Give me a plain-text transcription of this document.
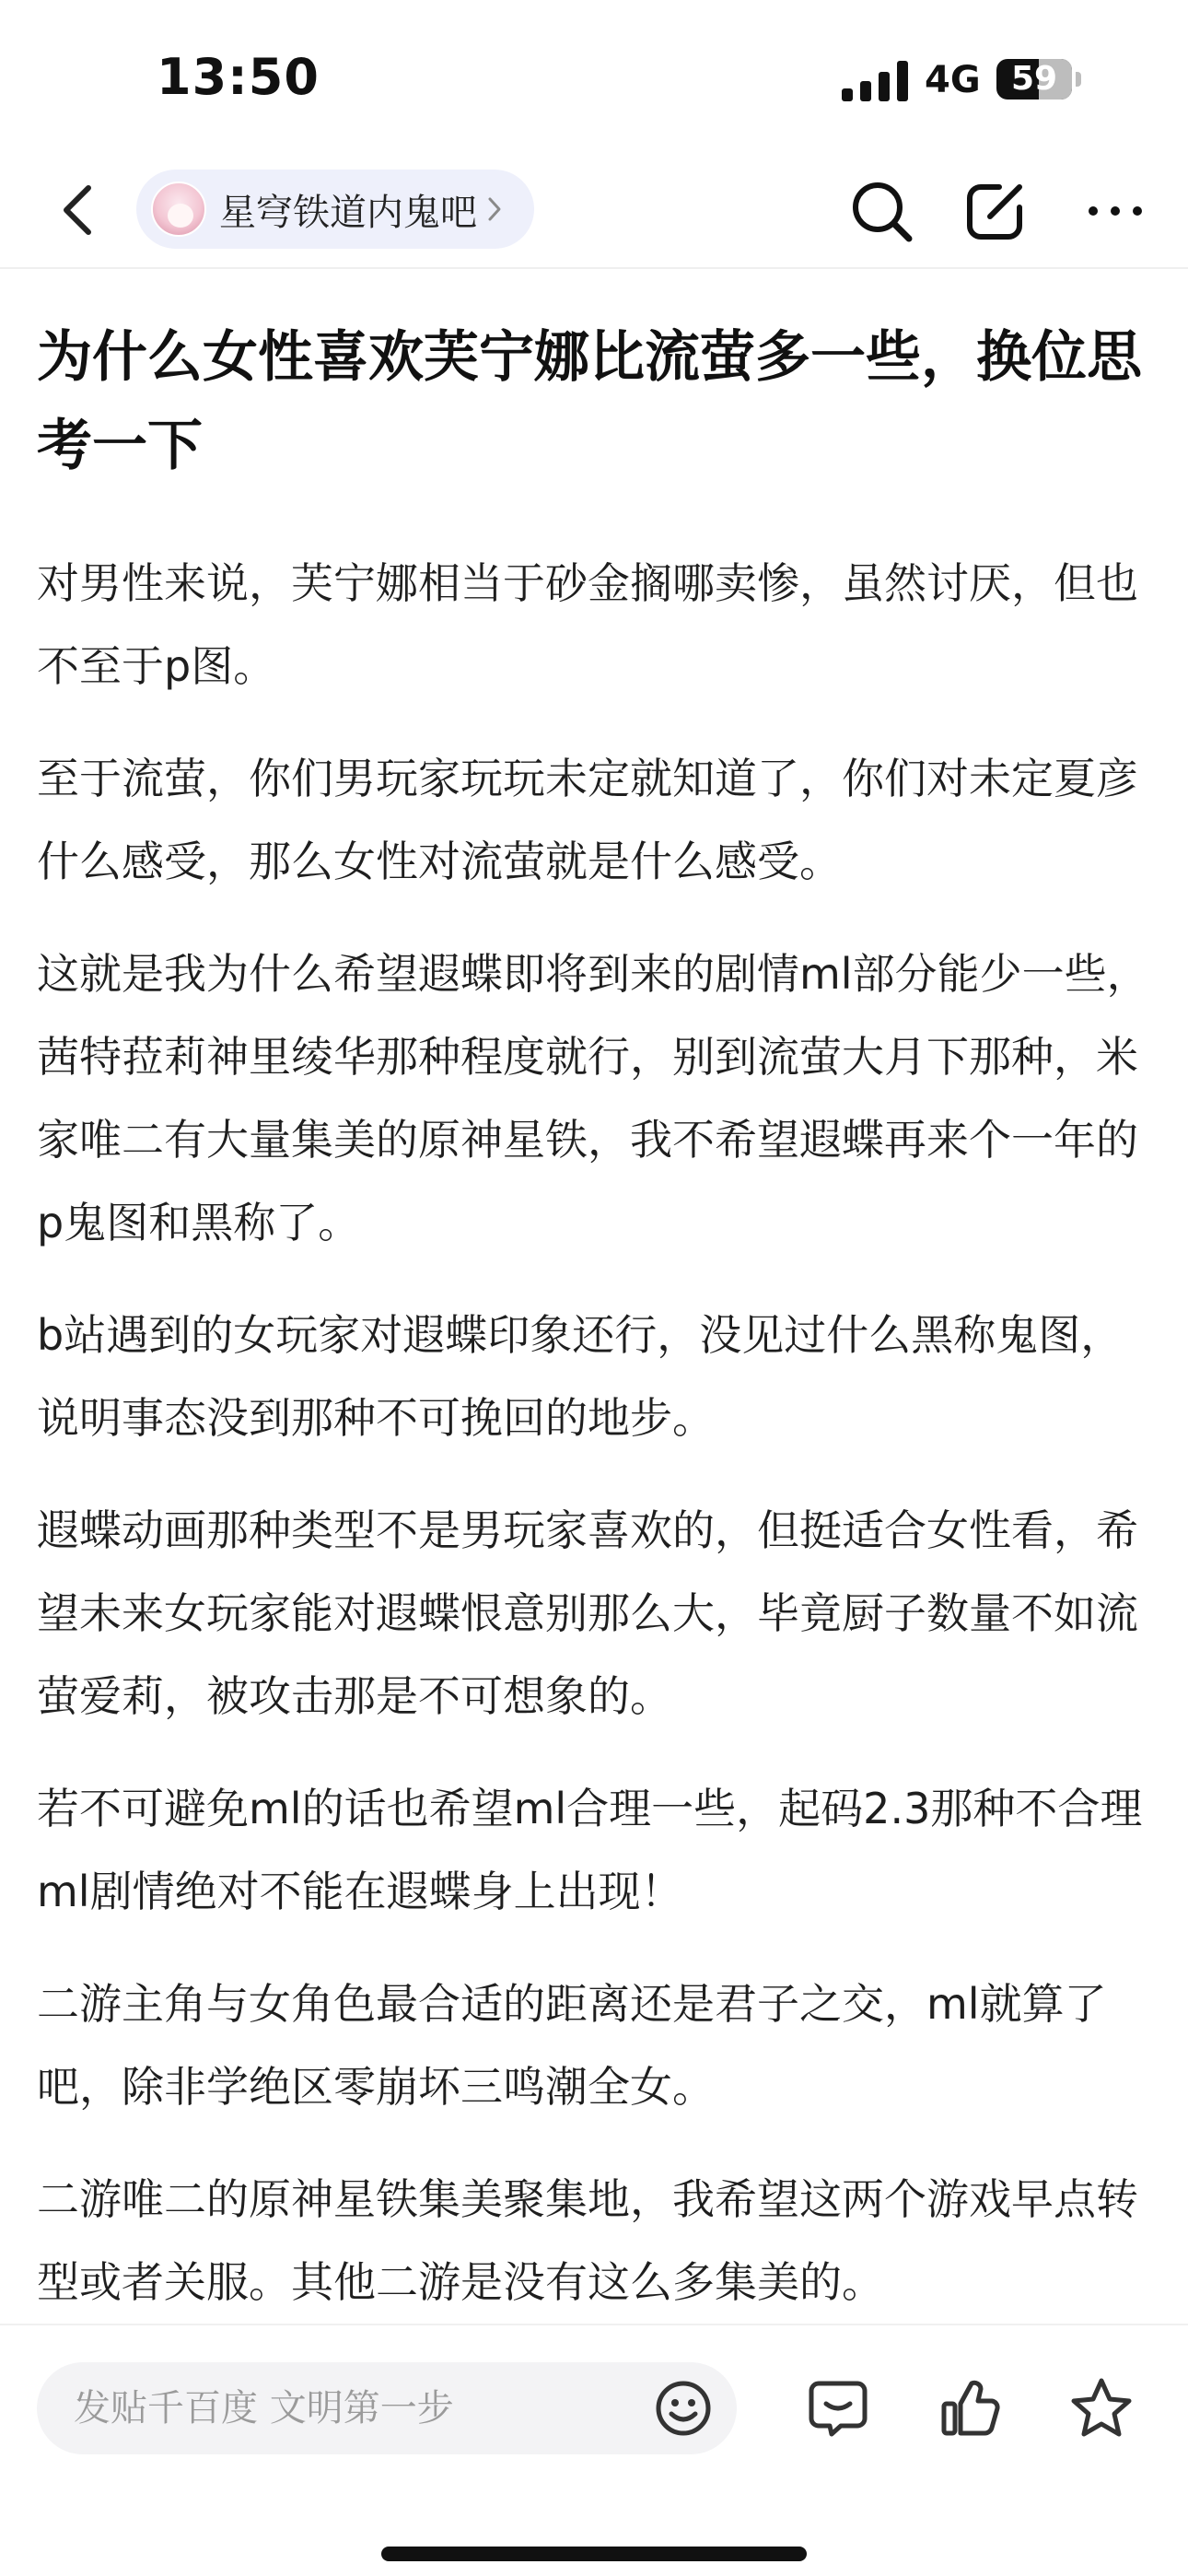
13:50	4G 59
星穹铁道内鬼吧
为什么女性喜欢芙宁娜比流萤多一些，换位思考一下

对男性来说，芙宁娜相当于砂金搁哪卖惨，虽然讨厌，但也不至于p图。

至于流萤，你们男玩家玩玩未定就知道了，你们对未定夏彦什么感受，那么女性对流萤就是什么感受。

这就是我为什么希望遐蝶即将到来的剧情ml部分能少一些，茜特菈莉神里绫华那种程度就行，别到流萤大月下那种，米家唯二有大量集美的原神星铁，我不希望遐蝶再来个一年的p鬼图和黑称了。

b站遇到的女玩家对遐蝶印象还行，没见过什么黑称鬼图，说明事态没到那种不可挽回的地步。

遐蝶动画那种类型不是男玩家喜欢的，但挺适合女性看，希望未来女玩家能对遐蝶恨意别那么大，毕竟厨子数量不如流萤爱莉，被攻击那是不可想象的。

若不可避免ml的话也希望ml合理一些，起码2.3那种不合理ml剧情绝对不能在遐蝶身上出现！

二游主角与女角色最合适的距离还是君子之交，ml就算了吧，除非学绝区零崩坏三鸣潮全女。

二游唯二的原神星铁集美聚集地，我希望这两个游戏早点转型或者关服。其他二游是没有这么多集美的。

发贴千百度 文明第一步
